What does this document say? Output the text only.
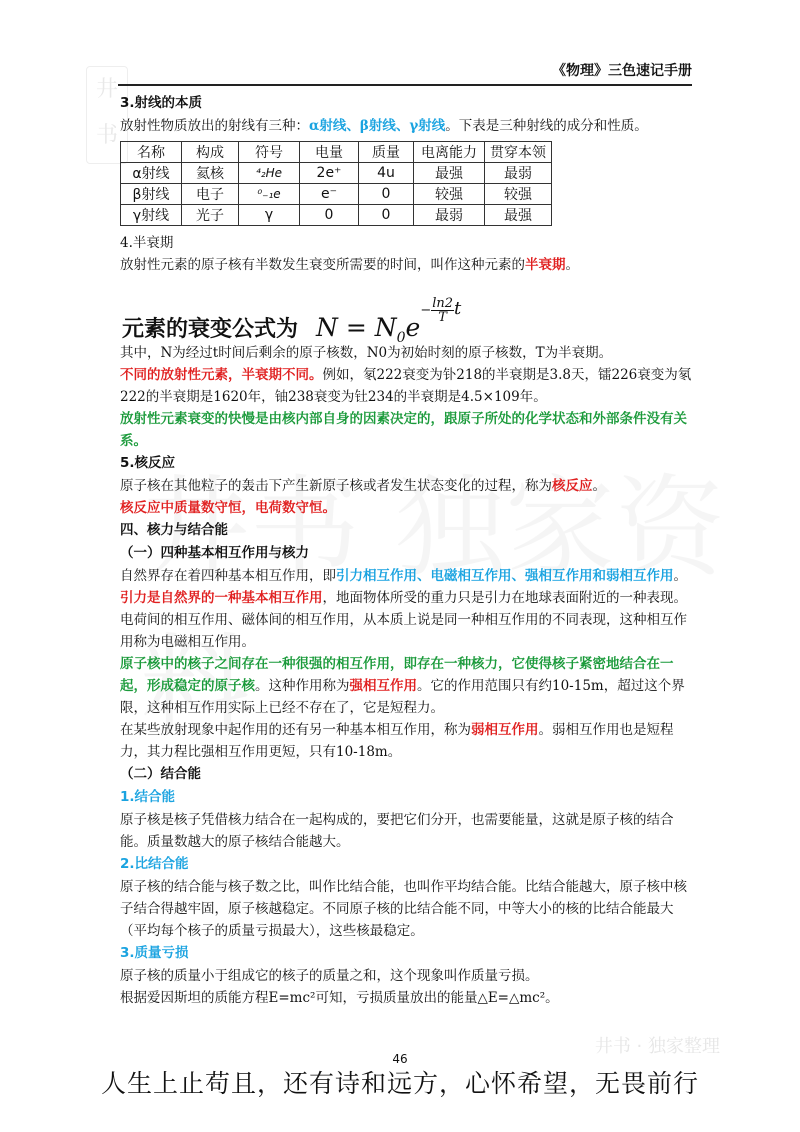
井书
《物理》三色速记手册

3.射线的本质

放射性物质放出的射线有三种：α射线、β射线、γ射线。下表是三种射线的成分和性质。

名称	构成	符号	电量	质量	电离能力	贯穿本领
α射线	氦核	⁴₂He	2e⁺	4u	最强	最弱
β射线	电子	⁰₋₁e	e⁻	0	较强	较强
γ射线	光子	γ	0	0	最弱	最强

4.半衰期

放射性元素的原子核有半数发生衰变所需要的时间，叫作这种元素的半衰期。

元素的衰变公式为 $N = N_0e- \frac{\ln 2}{T}$ t

其中，N为经过t时间后剩余的原子核数，N0为初始时刻的原子核数，T为半衰期。

不同的放射性元素，半衰期不同。例如，氡222衰变为钋218的半衰期是3.8天，镭226衰变为氡222的半衰期是1620年，铀238衰变为钍234的半衰期是4.5×109年。

放射性元素衰变的快慢是由核内部自身的因素决定的，跟原子所处的化学状态和外部条件没有关系。

5.核反应

原子核在其他粒子的轰击下产生新原子核或者发生状态变化的过程，称为核反应。

核反应中质量数守恒，电荷数守恒。

四、核力与结合能

（一）四种基本相互作用与核力

自然界存在着四种基本相互作用，即引力相互作用、电磁相互作用、强相互作用和弱相互作用。

引力是自然界的一种基本相互作用，地面物体所受的重力只是引力在地球表面附近的一种表现。

电荷间的相互作用、磁体间的相互作用，从本质上说是同一种相互作用的不同表现，这种相互作用称为电磁相互作用。

原子核中的核子之间存在一种很强的相互作用，即存在一种核力，它使得核子紧密地结合在一起，形成稳定的原子核。这种作用称为强相互作用。它的作用范围只有约10-15m，超过这个界限，这种相互作用实际上已经不存在了，它是短程力。

在某些放射现象中起作用的还有另一种基本相互作用，称为弱相互作用。弱相互作用也是短程力，其力程比强相互作用更短，只有10-18m。

（二）结合能

1.结合能

原子核是核子凭借核力结合在一起构成的，要把它们分开，也需要能量，这就是原子核的结合能。质量数越大的原子核结合能越大。

2.比结合能

原子核的结合能与核子数之比，叫作比结合能，也叫作平均结合能。比结合能越大，原子核中核子结合得越牢固，原子核越稳定。不同原子核的比结合能不同，中等大小的核的比结合能最大（平均每个核子的质量亏损最大），这些核最稳定。

3.质量亏损

原子核的质量小于组成它的核子的质量之和，这个现象叫作质量亏损。

根据爱因斯坦的质能方程E=mc²可知，亏损质量放出的能量△E=△mc²。

井书 · 独家整理
46
人生上止苟且，还有诗和远方，心怀希望，无畏前行
